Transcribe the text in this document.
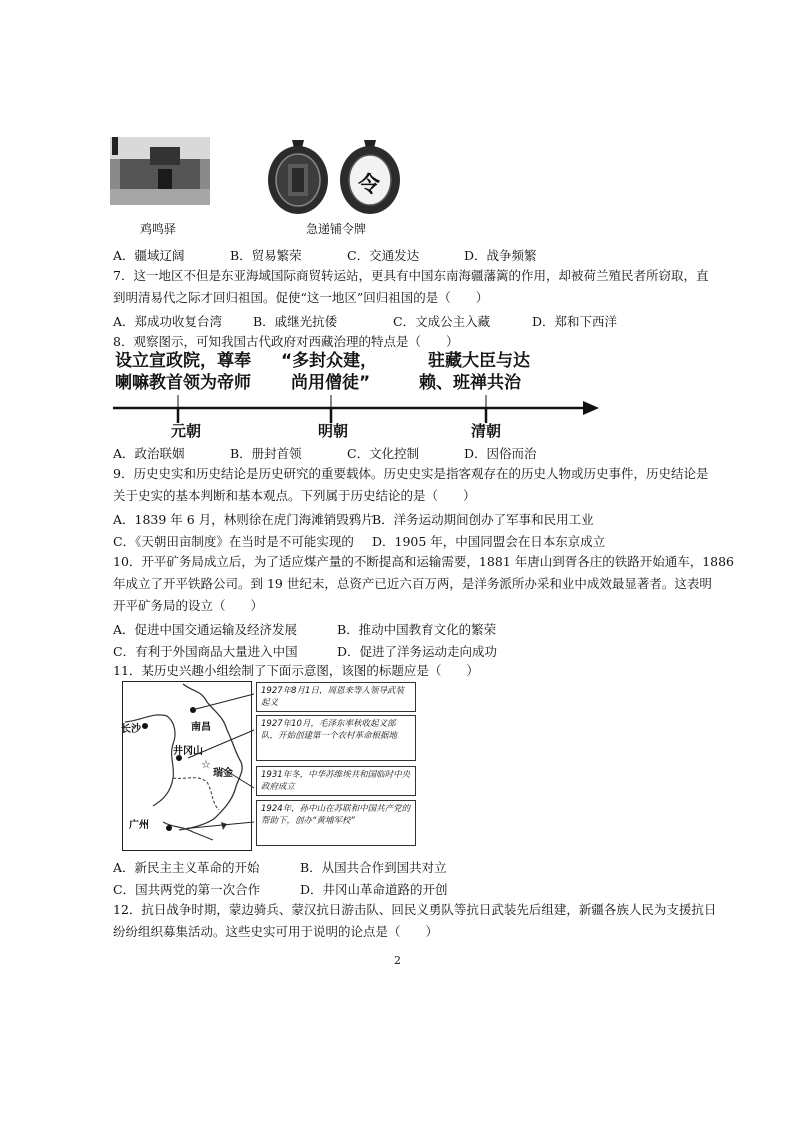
鸡鸣驿
令
急递铺令牌
A．疆域辽阔	B．贸易繁荣	C．交通发达	D．战争频繁
7．这一地区不但是东亚海域国际商贸转运站，更具有中国东南海疆藩篱的作用，却被荷兰殖民者所窃取，直
到明清易代之际才回归祖国。促使“这一地区”回归祖国的是（　　）
A．郑成功收复台湾 B．戚继光抗倭	C．文成公主入藏	D．郑和下西洋
8．观察图示，可知我国古代政府对西藏治理的特点是（　　）
设立宣政院，尊奉
喇嘛教首领为帝师
“多封众建，
尚用僧徒”
驻藏大臣与达
赖、班禅共治
元朝	明朝	清朝
A．政治联姻	B．册封首领	C．文化控制	D．因俗而治
9．历史史实和历史结论是历史研究的重要载体。历史史实是指客观存在的历史人物或历史事件，历史结论是
关于史实的基本判断和基本观点。下列属于历史结论的是（　　）
A．1839 年 6 月，林则徐在虎门海滩销毁鸦片
B．洋务运动期间创办了军事和民用工业
C．《天朝田亩制度》在当时是不可能实现的 D．1905 年，中国同盟会在日本东京成立
10．开平矿务局成立后，为了适应煤产量的不断提高和运输需要，1881 年唐山到胥各庄的铁路开始通车，1886
年成立了开平铁路公司。到 19 世纪末，总资产已近六百万两，是洋务派所办采和业中成效最显著者。这表明
开平矿务局的设立（　　）
A．促进中国交通运输及经济发展	B．推动中国教育文化的繁荣
C．有利于外国商品大量进入中国	D．促进了洋务运动走向成功
11．某历史兴趣小组绘制了下面示意图，该图的标题应是（　　）
☆
长沙	南昌
井冈山
瑞金
广州
1927年8月1日，周恩来等人领导武装起义
1927年10月，毛泽东率秋收起义部队，开始创建第一个农村革命根据地
1931年冬，中华苏维埃共和国临时中央政府成立
1924年，孙中山在苏联和中国共产党的帮助下，创办“黄埔军校”
A．新民主主义革命的开始	B．从国共合作到国共对立
C．国共两党的第一次合作	D．井冈山革命道路的开创
12．抗日战争时期，蒙边骑兵、蒙汉抗日游击队、回民义勇队等抗日武装先后组建，新疆各族人民为支援抗日
纷纷组织募集活动。这些史实可用于说明的论点是（　　）
2
